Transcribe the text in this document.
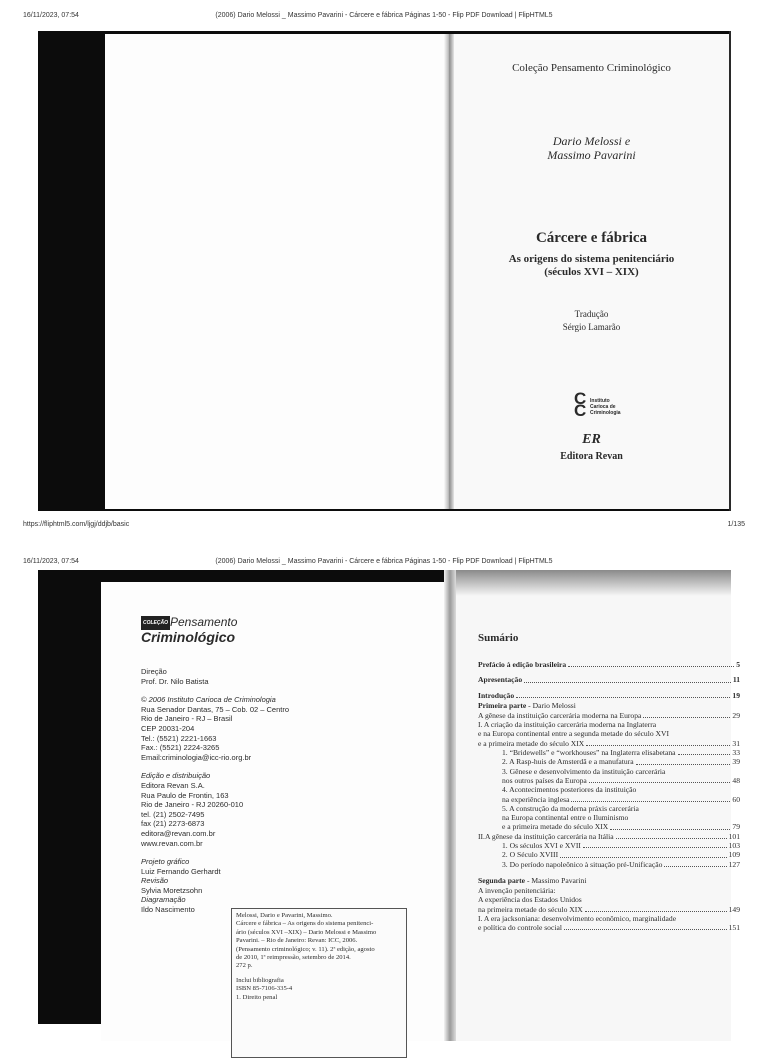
16/11/2023, 07:54	(2006) Dario Melossi _ Massimo Pavarini - Cárcere e fábrica Páginas 1-50 - Flip PDF Download | FlipHTML5
Coleção Pensamento Criminológico
Dario Melossi e
Massimo Pavarini
Cárcere e fábrica
As origens do sistema penitenciário
(séculos XVI – XIX)
Tradução
Sérgio Lamarão
C
C Instituto
Carioca de
Criminologia
ER
Editora Revan
https://fliphtml5.com/ljgj/ddjb/basic	1/135
16/11/2023, 07:54	(2006) Dario Melossi _ Massimo Pavarini - Cárcere e fábrica Páginas 1-50 - Flip PDF Download | FlipHTML5
COLEÇÃO Pensamento
Criminológico
Direção
Prof. Dr. Nilo Batista
© 2006 Instituto Carioca de Criminologia
Rua Senador Dantas, 75 – Cob. 02 – Centro
Rio de Janeiro - RJ – Brasil
CEP 20031-204
Tel.: (5521) 2221-1663
Fax.: (5521) 2224-3265
Email:criminologia@icc-rio.org.br
Edição e distribuição
Editora Revan S.A.
Rua Paulo de Frontin, 163
Rio de Janeiro - RJ 20260-010
tel. (21) 2502-7495
fax (21) 2273-6873
editora@revan.com.br
www.revan.com.br
Projeto gráfico
Luiz Fernando Gerhardt
Revisão
Sylvia Moretzsohn
Diagramação
Ildo Nascimento
Melossi, Dario e Pavarini, Massimo.
Cárcere e fábrica – As origens do sistema penitenci-
ário (séculos XVI –XIX) – Dario Melossi e Massimo
Pavarini. – Rio de Janeiro: Revan: ICC, 2006.
(Pensamento criminológico; v. 11). 2ª edição, agosto
de 2010, 1ª reimpressão, setembro de 2014.
272 p.
Inclui bibliografia
ISBN 85-7106-335-4
1. Direito penal
Sumário
Prefácio à edição brasileira	5
Apresentação	11
Introdução	19
Primeira parte - Dario Melossi
A gênese da instituição carcerária moderna na Europa	29
I. A criação da instituição carcerária moderna na Inglaterra
e na Europa continental entre a segunda metade do século XVI
e a primeira metade do século XIX	31
1. “Bridewells” e “workhouses” na Inglaterra elisabetana	33
2. A Rasp-huis de Amsterdã e a manufatura	39
3. Gênese e desenvolvimento da instituição carcerária
nos outros países da Europa	48
4. Acontecimentos posteriores da instituição
na experiência inglesa	60
5. A construção da moderna práxis carcerária
na Europa continental entre o Iluminismo
e a primeira metade do século XIX	79
II.A gênese da instituição carcerária na Itália	101
1. Os séculos XVI e XVII	103
2. O Século XVIII	109
3. Do período napoleônico à situação pré-Unificação	127
Segunda parte - Massimo Pavarini
A invenção penitenciária:
A experiência dos Estados Unidos
na primeira metade do século XIX	149
I. A era jacksoniana: desenvolvimento econômico, marginalidade
e política do controle social	151
